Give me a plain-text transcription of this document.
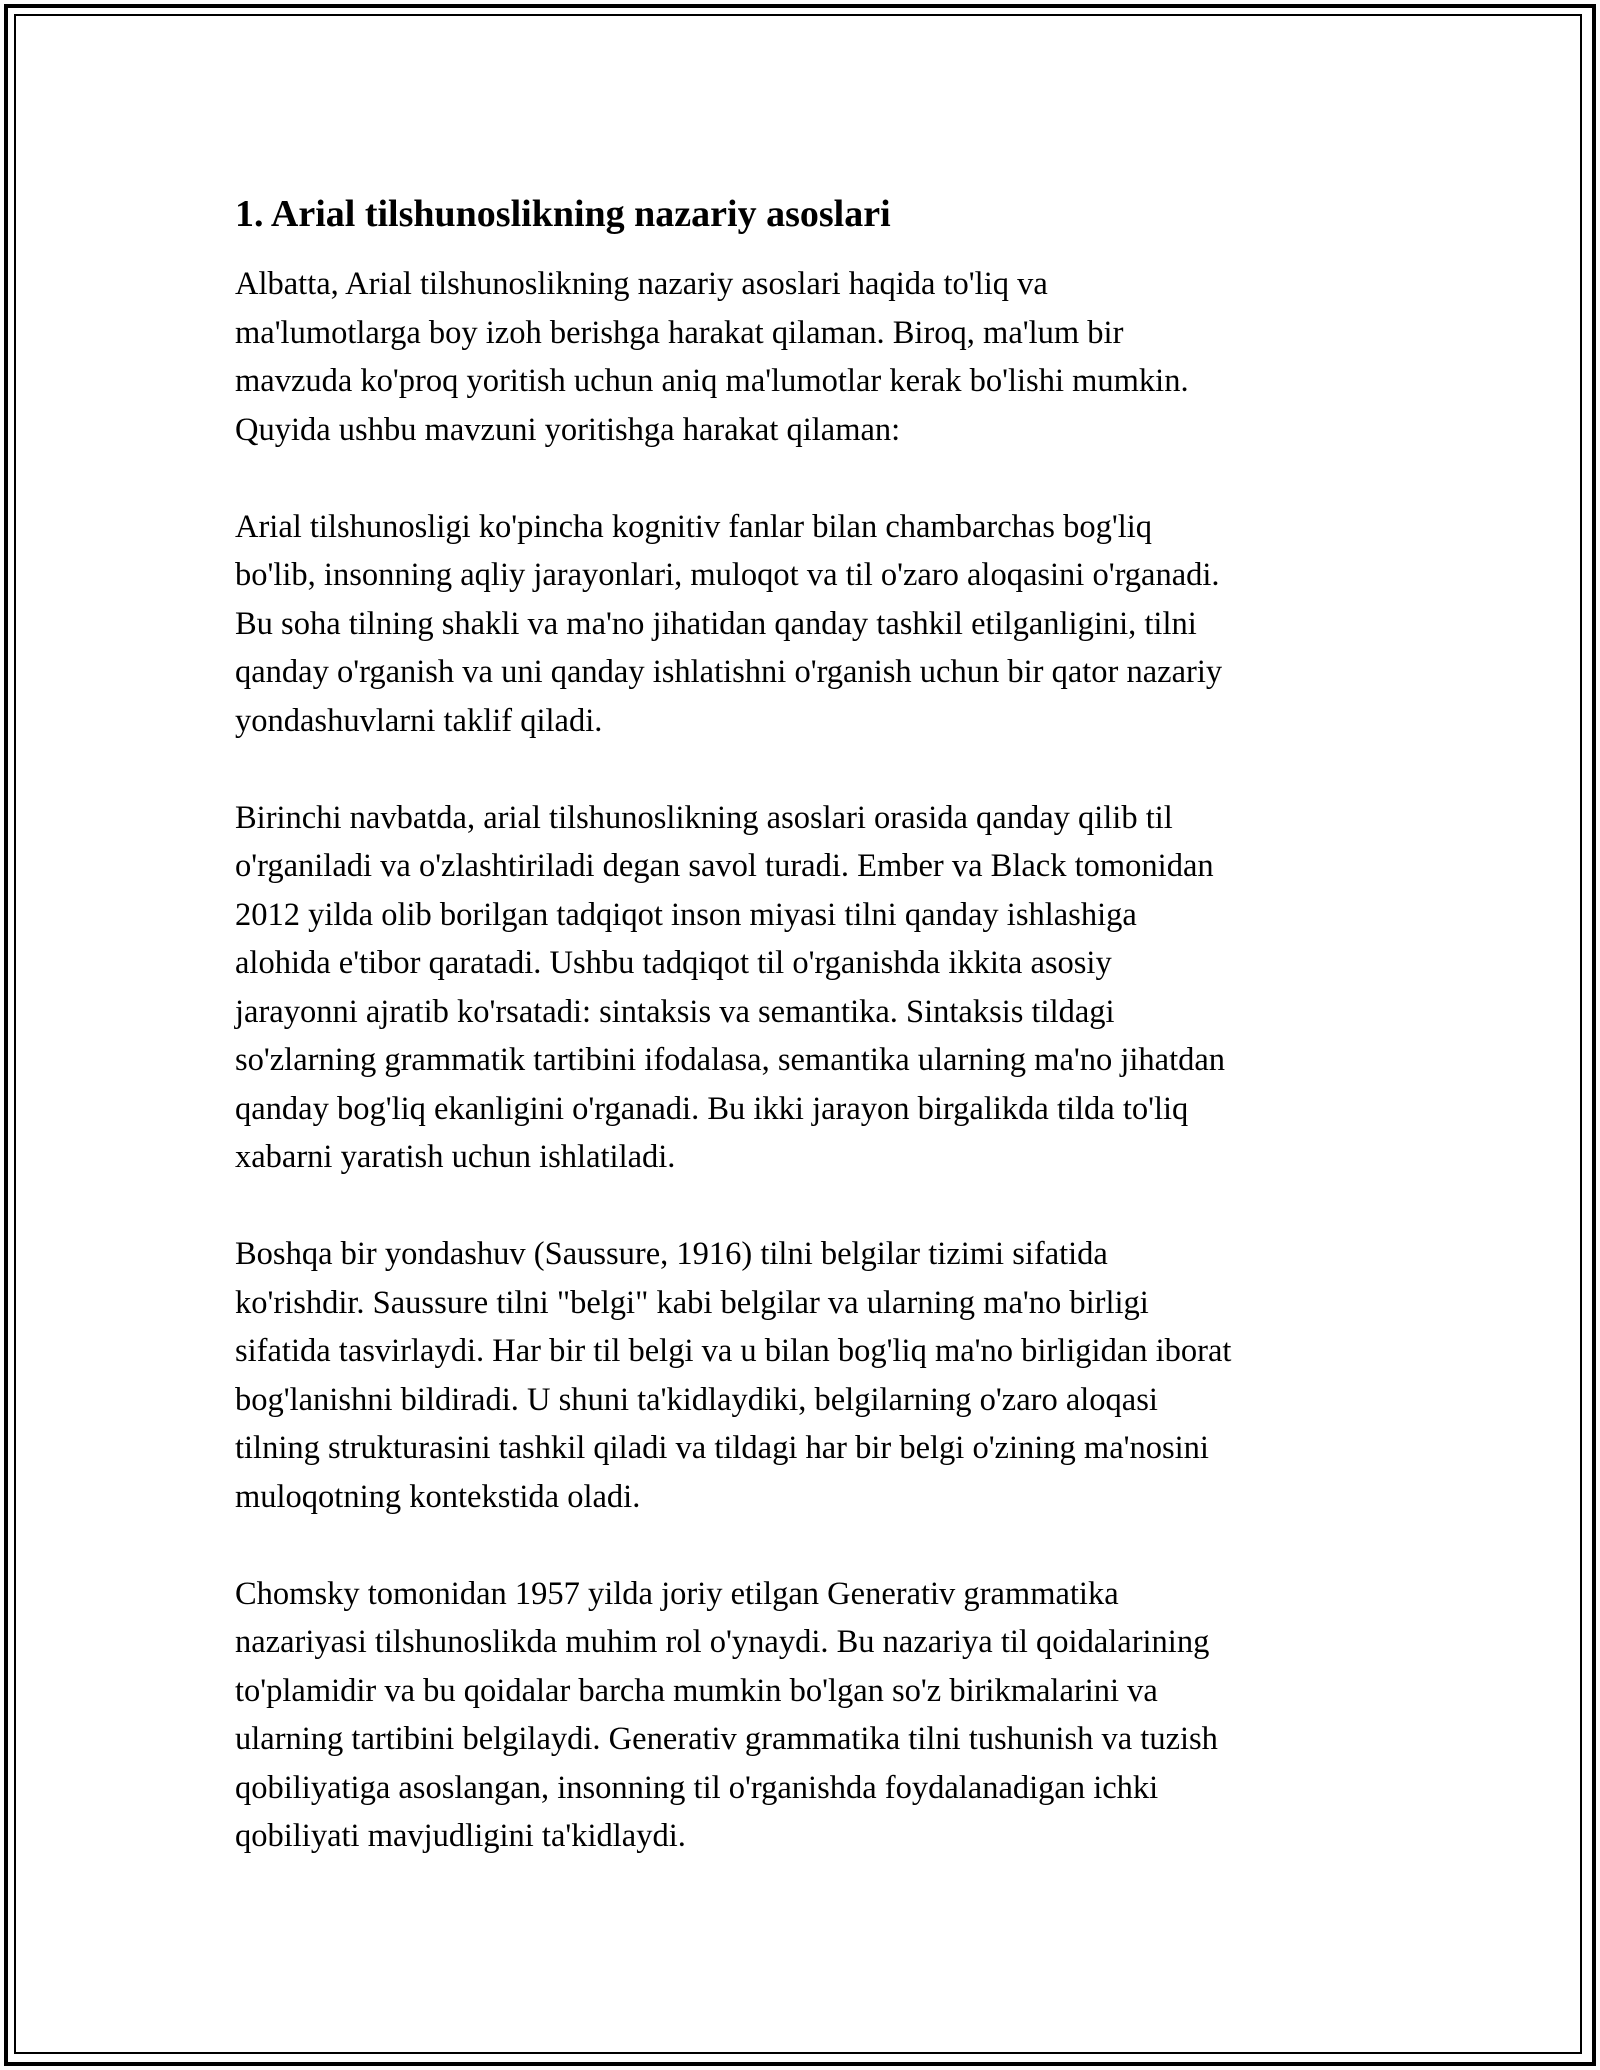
1. Arial tilshunoslikning nazariy asoslari

Albatta, Arial tilshunoslikning nazariy asoslari haqida to'liq va
ma'lumotlarga boy izoh berishga harakat qilaman. Biroq, ma'lum bir
mavzuda ko'proq yoritish uchun aniq ma'lumotlar kerak bo'lishi mumkin.
Quyida ushbu mavzuni yoritishga harakat qilaman:

Arial tilshunosligi ko'pincha kognitiv fanlar bilan chambarchas bog'liq
bo'lib, insonning aqliy jarayonlari, muloqot va til o'zaro aloqasini o'rganadi.
Bu soha tilning shakli va ma'no jihatidan qanday tashkil etilganligini, tilni
qanday o'rganish va uni qanday ishlatishni o'rganish uchun bir qator nazariy
yondashuvlarni taklif qiladi.

Birinchi navbatda, arial tilshunoslikning asoslari orasida qanday qilib til
o'rganiladi va o'zlashtiriladi degan savol turadi. Ember va Black tomonidan
2012 yilda olib borilgan tadqiqot inson miyasi tilni qanday ishlashiga
alohida e'tibor qaratadi. Ushbu tadqiqot til o'rganishda ikkita asosiy
jarayonni ajratib ko'rsatadi: sintaksis va semantika. Sintaksis tildagi
so'zlarning grammatik tartibini ifodalasa, semantika ularning ma'no jihatdan
qanday bog'liq ekanligini o'rganadi. Bu ikki jarayon birgalikda tilda to'liq
xabarni yaratish uchun ishlatiladi.

Boshqa bir yondashuv (Saussure, 1916) tilni belgilar tizimi sifatida
ko'rishdir. Saussure tilni "belgi" kabi belgilar va ularning ma'no birligi
sifatida tasvirlaydi. Har bir til belgi va u bilan bog'liq ma'no birligidan iborat
bog'lanishni bildiradi. U shuni ta'kidlaydiki, belgilarning o'zaro aloqasi
tilning strukturasini tashkil qiladi va tildagi har bir belgi o'zining ma'nosini
muloqotning kontekstida oladi.

Chomsky tomonidan 1957 yilda joriy etilgan Generativ grammatika
nazariyasi tilshunoslikda muhim rol o'ynaydi. Bu nazariya til qoidalarining
to'plamidir va bu qoidalar barcha mumkin bo'lgan so'z birikmalarini va
ularning tartibini belgilaydi. Generativ grammatika tilni tushunish va tuzish
qobiliyatiga asoslangan, insonning til o'rganishda foydalanadigan ichki
qobiliyati mavjudligini ta'kidlaydi.
